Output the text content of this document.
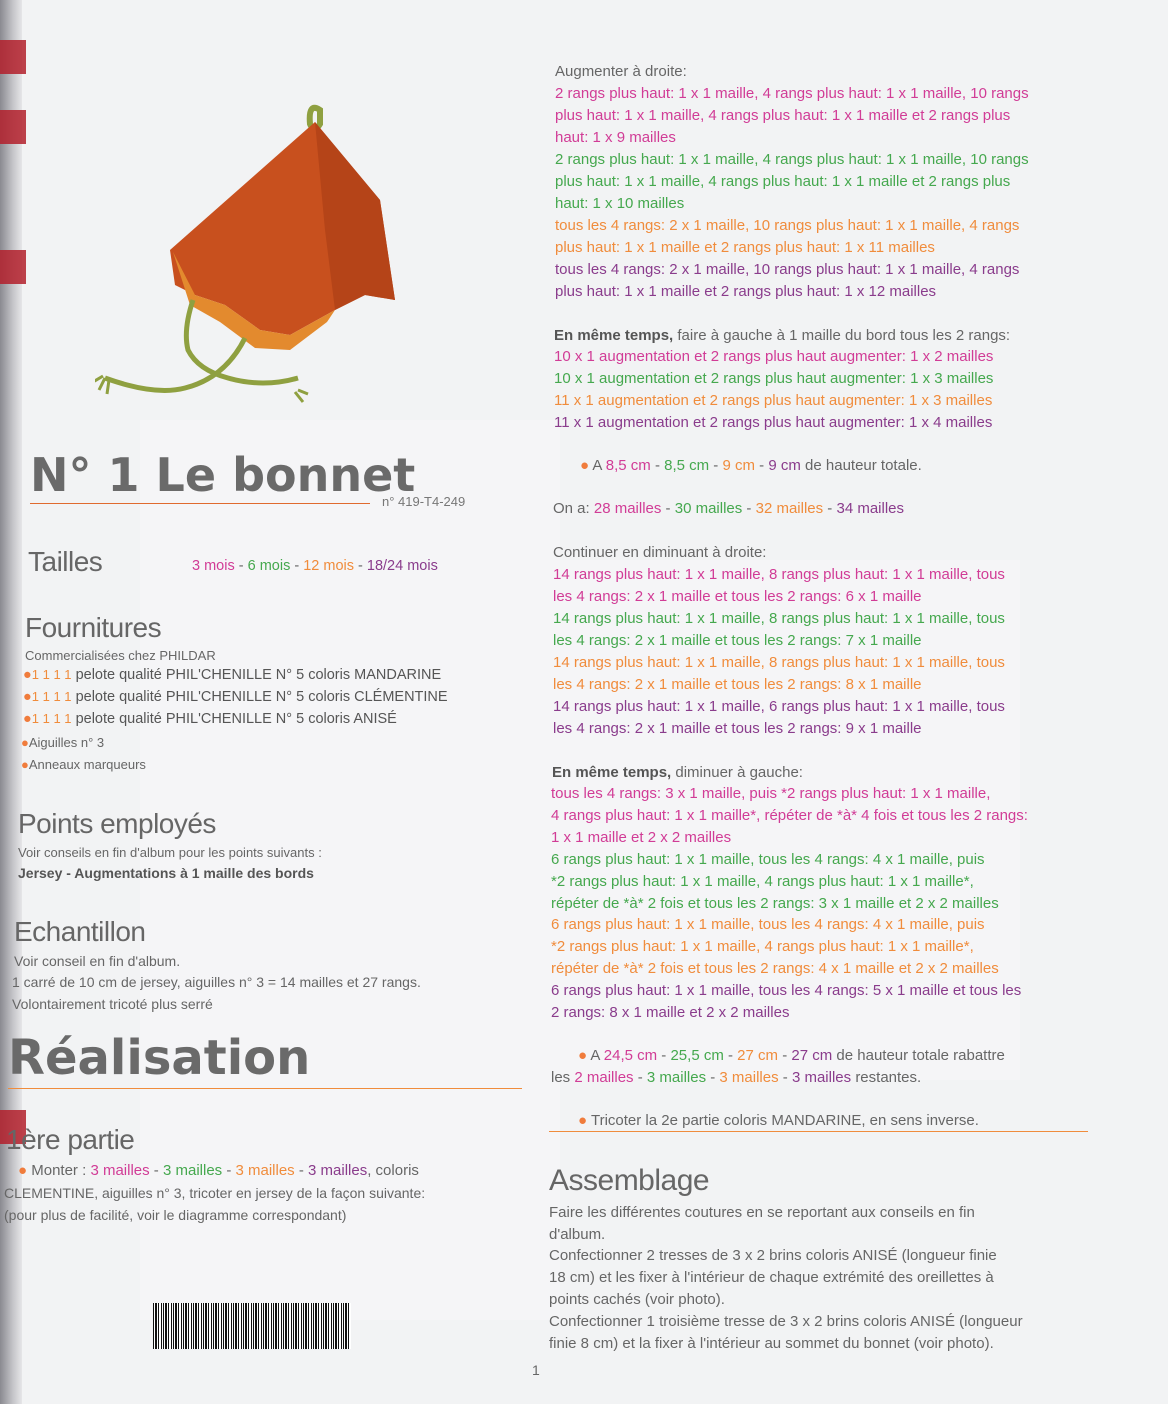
N° 1 Le bonnet
n° 419-T4-249
Tailles	3 mois - 6 mois - 12 mois - 18/24 mois
Fournitures
Commercialisées chez PHILDAR
●1 1 1 1 pelote qualité PHIL'CHENILLE N° 5 coloris MANDARINE
●1 1 1 1 pelote qualité PHIL'CHENILLE N° 5 coloris CLÉMENTINE
●1 1 1 1 pelote qualité PHIL'CHENILLE N° 5 coloris ANISÉ
●Aiguilles n° 3
●Anneaux marqueurs
Points employés
Voir conseils en fin d'album pour les points suivants :
Jersey - Augmentations à 1 maille des bords
Echantillon
Voir conseil en fin d'album.
1 carré de 10 cm de jersey, aiguilles n° 3 = 14 mailles et 27 rangs.
Volontairement tricoté plus serré
Réalisation
1ère partie
● Monter : 3 mailles - 3 mailles - 3 mailles - 3 mailles, coloris
CLEMENTINE, aiguilles n° 3, tricoter en jersey de la façon suivante:
(pour plus de facilité, voir le diagramme correspondant)
Augmenter à droite:
2 rangs plus haut: 1 x 1 maille, 4 rangs plus haut: 1 x 1 maille, 10 rangs
plus haut: 1 x 1 maille, 4 rangs plus haut: 1 x 1 maille et 2 rangs plus
haut: 1 x 9 mailles
2 rangs plus haut: 1 x 1 maille, 4 rangs plus haut: 1 x 1 maille, 10 rangs
plus haut: 1 x 1 maille, 4 rangs plus haut: 1 x 1 maille et 2 rangs plus
haut: 1 x 10 mailles
tous les 4 rangs: 2 x 1 maille, 10 rangs plus haut: 1 x 1 maille, 4 rangs
plus haut: 1 x 1 maille et 2 rangs plus haut: 1 x 11 mailles
tous les 4 rangs: 2 x 1 maille, 10 rangs plus haut: 1 x 1 maille, 4 rangs
plus haut: 1 x 1 maille et 2 rangs plus haut: 1 x 12 mailles
En même temps, faire à gauche à 1 maille du bord tous les 2 rangs:
10 x 1 augmentation et 2 rangs plus haut augmenter: 1 x 2 mailles
10 x 1 augmentation et 2 rangs plus haut augmenter: 1 x 3 mailles
11 x 1 augmentation et 2 rangs plus haut augmenter: 1 x 3 mailles
11 x 1 augmentation et 2 rangs plus haut augmenter: 1 x 4 mailles
● A 8,5 cm - 8,5 cm - 9 cm - 9 cm de hauteur totale.
On a: 28 mailles - 30 mailles - 32 mailles - 34 mailles
Continuer en diminuant à droite:
14 rangs plus haut: 1 x 1 maille, 8 rangs plus haut: 1 x 1 maille, tous
les 4 rangs: 2 x 1 maille et tous les 2 rangs: 6 x 1 maille
14 rangs plus haut: 1 x 1 maille, 8 rangs plus haut: 1 x 1 maille, tous
les 4 rangs: 2 x 1 maille et tous les 2 rangs: 7 x 1 maille
14 rangs plus haut: 1 x 1 maille, 8 rangs plus haut: 1 x 1 maille, tous
les 4 rangs: 2 x 1 maille et tous les 2 rangs: 8 x 1 maille
14 rangs plus haut: 1 x 1 maille, 6 rangs plus haut: 1 x 1 maille, tous
les 4 rangs: 2 x 1 maille et tous les 2 rangs: 9 x 1 maille
En même temps, diminuer à gauche:
tous les 4 rangs: 3 x 1 maille, puis *2 rangs plus haut: 1 x 1 maille,
4 rangs plus haut: 1 x 1 maille*, répéter de *à* 4 fois et tous les 2 rangs:
1 x 1 maille et 2 x 2 mailles
6 rangs plus haut: 1 x 1 maille, tous les 4 rangs: 4 x 1 maille, puis
*2 rangs plus haut: 1 x 1 maille, 4 rangs plus haut: 1 x 1 maille*,
répéter de *à* 2 fois et tous les 2 rangs: 3 x 1 maille et 2 x 2 mailles
6 rangs plus haut: 1 x 1 maille, tous les 4 rangs: 4 x 1 maille, puis
*2 rangs plus haut: 1 x 1 maille, 4 rangs plus haut: 1 x 1 maille*,
répéter de *à* 2 fois et tous les 2 rangs: 4 x 1 maille et 2 x 2 mailles
6 rangs plus haut: 1 x 1 maille, tous les 4 rangs: 5 x 1 maille et tous les
2 rangs: 8 x 1 maille et 2 x 2 mailles
● A 24,5 cm - 25,5 cm - 27 cm - 27 cm de hauteur totale rabattre
les 2 mailles - 3 mailles - 3 mailles - 3 mailles restantes.
● Tricoter la 2e partie coloris MANDARINE, en sens inverse.
Assemblage
Faire les différentes coutures en se reportant aux conseils en fin
d'album.
Confectionner 2 tresses de 3 x 2 brins coloris ANISÉ (longueur finie
18 cm) et les fixer à l'intérieur de chaque extrémité des oreillettes à
points cachés (voir photo).
Confectionner 1 troisième tresse de 3 x 2 brins coloris ANISÉ (longueur
finie 8 cm) et la fixer à l'intérieur au sommet du bonnet (voir photo).
1
